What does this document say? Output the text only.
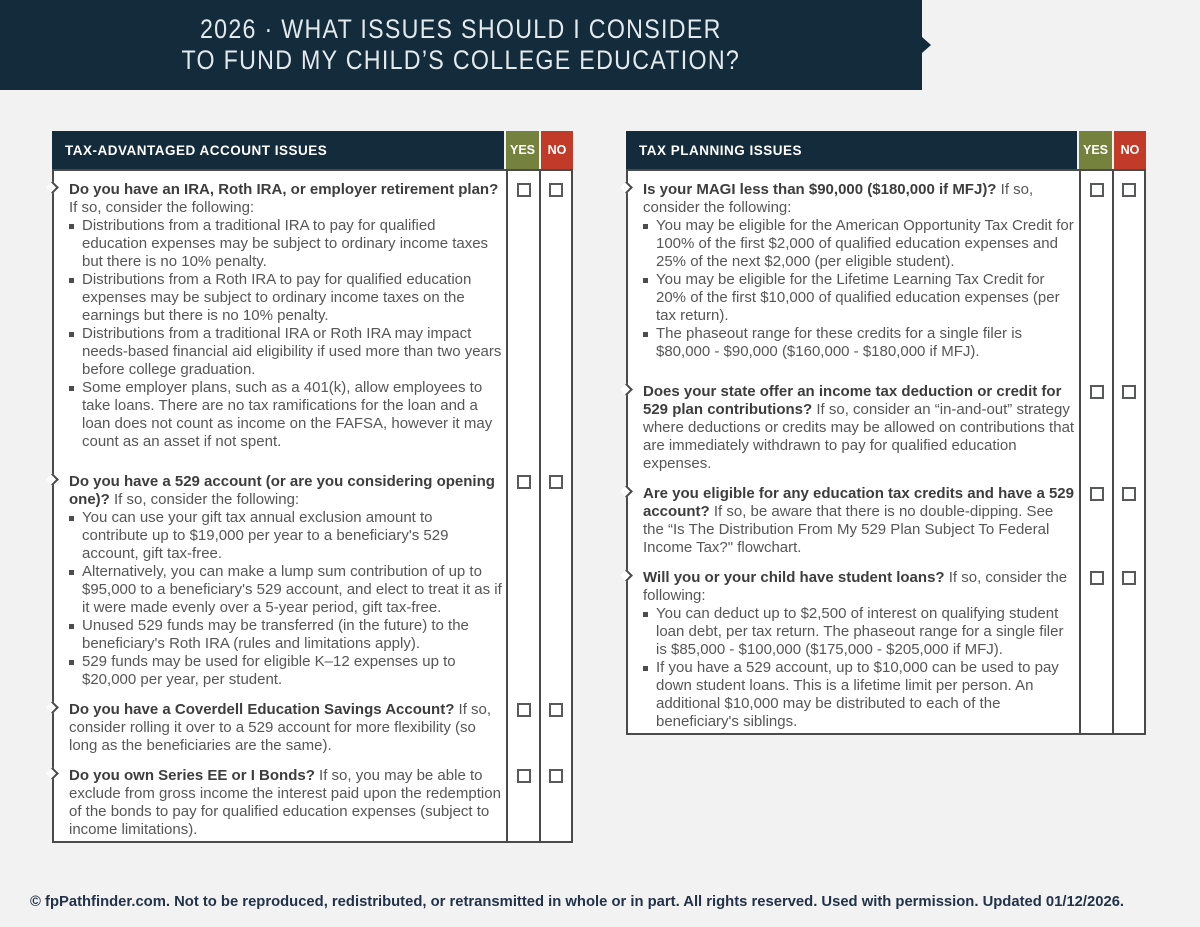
2026 · WHAT ISSUES SHOULD I CONSIDER
TO FUND MY CHILD’S COLLEGE EDUCATION?
TAX-ADVANTAGED ACCOUNT ISSUES	YES	NO
Do you have an IRA, Roth IRA, or employer retirement plan? If so, consider the following:
Distributions from a traditional IRA to pay for qualified education expenses may be subject to ordinary income taxes but there is no 10% penalty.
Distributions from a Roth IRA to pay for qualified education expenses may be subject to ordinary income taxes on the earnings but there is no 10% penalty.
Distributions from a traditional IRA or Roth IRA may impact needs-based financial aid eligibility if used more than two years before college graduation.
Some employer plans, such as a 401(k), allow employees to take loans. There are no tax ramifications for the loan and a loan does not count as income on the FAFSA, however it may count as an asset if not spent.
Do you have a 529 account (or are you considering opening one)? If so, consider the following:
You can use your gift tax annual exclusion amount to contribute up to $19,000 per year to a beneficiary's 529 account, gift tax-free.
Alternatively, you can make a lump sum contribution of up to $95,000 to a beneficiary's 529 account, and elect to treat it as if it were made evenly over a 5-year period, gift tax-free.
Unused 529 funds may be transferred (in the future) to the beneficiary's Roth IRA (rules and limitations apply).
529 funds may be used for eligible K–12 expenses up to $20,000 per year, per student.
Do you have a Coverdell Education Savings Account? If so, consider rolling it over to a 529 account for more flexibility (so long as the beneficiaries are the same).
Do you own Series EE or I Bonds? If so, you may be able to exclude from gross income the interest paid upon the redemption of the bonds to pay for qualified education expenses (subject to income limitations).
TAX PLANNING ISSUES	YES	NO
Is your MAGI less than $90,000 ($180,000 if MFJ)? If so, consider the following:
You may be eligible for the American Opportunity Tax Credit for 100% of the first $2,000 of qualified education expenses and 25% of the next $2,000 (per eligible student).
You may be eligible for the Lifetime Learning Tax Credit for 20% of the first $10,000 of qualified education expenses (per tax return).
The phaseout range for these credits for a single filer is $80,000 - $90,000 ($160,000 - $180,000 if MFJ).
Does your state offer an income tax deduction or credit for 529 plan contributions? If so, consider an “in-and-out” strategy where deductions or credits may be allowed on contributions that are immediately withdrawn to pay for qualified education expenses.
Are you eligible for any education tax credits and have a 529 account? If so, be aware that there is no double-dipping. See the “Is The Distribution From My 529 Plan Subject To Federal Income Tax?" flowchart.
Will you or your child have student loans? If so, consider the following:
You can deduct up to $2,500 of interest on qualifying student loan debt, per tax return. The phaseout range for a single filer is $85,000 - $100,000 ($175,000 - $205,000 if MFJ).
If you have a 529 account, up to $10,000 can be used to pay down student loans. This is a lifetime limit per person. An additional $10,000 may be distributed to each of the beneficiary's siblings.
© fpPathfinder.com. Not to be reproduced, redistributed, or retransmitted in whole or in part. All rights reserved. Used with permission. Updated 01/12/2026.
